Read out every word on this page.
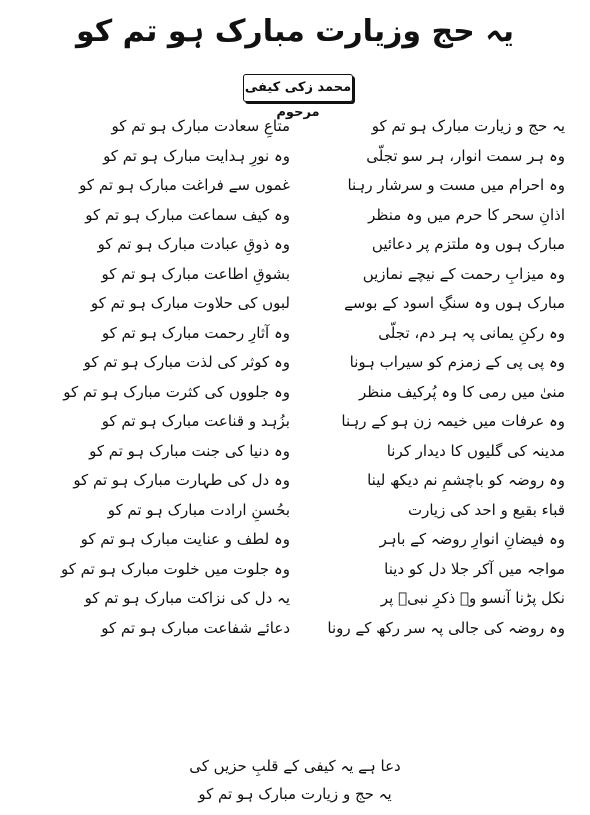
یہ حج وزیارت مبارک ہو تم کو
محمد زکی کیفی مرحوم
یہ حج و زیارت مبارک ہو تم کو
متاعِ سعادت مبارک ہو تم کو
وہ ہر سمت انوار، ہر سو تجلّی
وہ نورِ ہدایت مبارک ہو تم کو
وہ احرام میں مست و سرشار رہنا
غموں سے فراغت مبارک ہو تم کو
اذانِ سحر کا حرم میں وہ منظر
وہ کیف سماعت مبارک ہو تم کو
مبارک ہوں وہ ملتزم پر دعائیں
وہ ذوقِ عبادت مبارک ہو تم کو
وہ میزابِ رحمت کے نیچے نمازیں
بشوقِ اطاعت مبارک ہو تم کو
مبارک ہوں وہ سنگِ اسود کے بوسے
لبوں کی حلاوت مبارک ہو تم کو
وہ رکنِ یمانی پہ ہر دم، تجلّی
وہ آثارِ رحمت مبارک ہو تم کو
وہ پی پی کے زمزم کو سیراب ہونا
وہ کوثر کی لذت مبارک ہو تم کو
منیٰ میں رمی کا وہ پُرکیف منظر
وہ جلووں کی کثرت مبارک ہو تم کو
وہ عرفات میں خیمہ زن ہو کے رہنا
بزُہد و قناعت مبارک ہو تم کو
مدینہ کی گلیوں کا دیدار کرنا
وہ دنیا کی جنت مبارک ہو تم کو
وہ روضہ کو باچشمِ نم دیکھ لینا
وہ دل کی طہارت مبارک ہو تم کو
قباء بقیع و احد کی زیارت
بحُسنِ ارادت مبارک ہو تم کو
وہ فیضانِ انوارِ روضہ کے باہر
وہ لطف و عنایت مبارک ہو تم کو
مواجہ میں آکر جلا دل کو دینا
وہ جلوت میں خلوت مبارک ہو تم کو
نکل پڑنا آنسو وہ ذکرِ نبیؐ پر
یہ دل کی نزاکت مبارک ہو تم کو
وہ روضہ کی جالی پہ سر رکھ کے رونا
دعائے شفاعت مبارک ہو تم کو
دعا ہے یہ کیفی کے قلبِ حزیں کی
یہ حج و زیارت مبارک ہو تم کو
